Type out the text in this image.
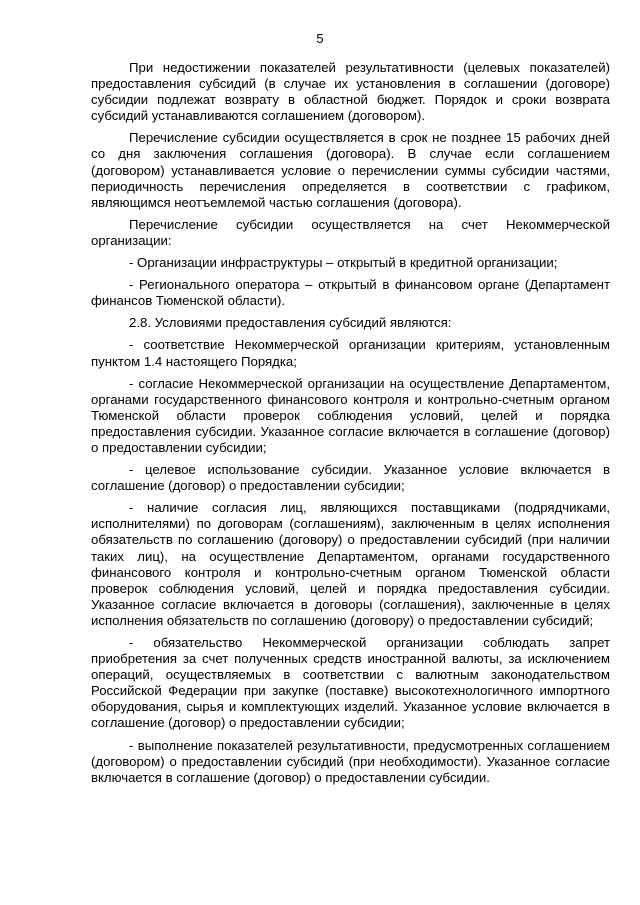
5

При недостижении показателей результативности (целевых показателей) предоставления субсидий (в случае их установления в соглашении (договоре) субсидии подлежат возврату в областной бюджет. Порядок и сроки возврата субсидий устанавливаются соглашением (договором).

Перечисление субсидии осуществляется в срок не позднее 15 рабочих дней со дня заключения соглашения (договора). В случае если соглашением (договором) устанавливается условие о перечислении суммы субсидии частями, периодичность перечисления определяется в соответствии с графиком, являющимся неотъемлемой частью соглашения (договора).

Перечисление субсидии осуществляется на счет Некоммерческой организации:

- Организации инфраструктуры – открытый в кредитной организации;

- Регионального оператора – открытый в финансовом органе (Департамент финансов Тюменской области).

2.8. Условиями предоставления субсидий являются:

- соответствие Некоммерческой организации критериям, установленным пунктом 1.4 настоящего Порядка;

- согласие Некоммерческой организации на осуществление Департаментом, органами государственного финансового контроля и контрольно-счетным органом Тюменской области проверок соблюдения условий, целей и порядка предоставления субсидии. Указанное согласие включается в соглашение (договор) о предоставлении субсидии;

- целевое использование субсидии. Указанное условие включается в соглашение (договор) о предоставлении субсидии;

- наличие согласия лиц, являющихся поставщиками (подрядчиками, исполнителями) по договорам (соглашениям), заключенным в целях исполнения обязательств по соглашению (договору) о предоставлении субсидий (при наличии таких лиц), на осуществление Департаментом, органами государственного финансового контроля и контрольно-счетным органом Тюменской области проверок соблюдения условий, целей и порядка предоставления субсидии. Указанное согласие включается в договоры (соглашения), заключенные в целях исполнения обязательств по соглашению (договору) о предоставлении субсидий;

- обязательство Некоммерческой организации соблюдать запрет приобретения за счет полученных средств иностранной валюты, за исключением операций, осуществляемых в соответствии с валютным законодательством Российской Федерации при закупке (поставке) высокотехнологичного импортного оборудования, сырья и комплектующих изделий. Указанное условие включается в соглашение (договор) о предоставлении субсидии;

- выполнение показателей результативности, предусмотренных соглашением (договором) о предоставлении субсидий (при необходимости). Указанное согласие включается в соглашение (договор) о предоставлении субсидии.
